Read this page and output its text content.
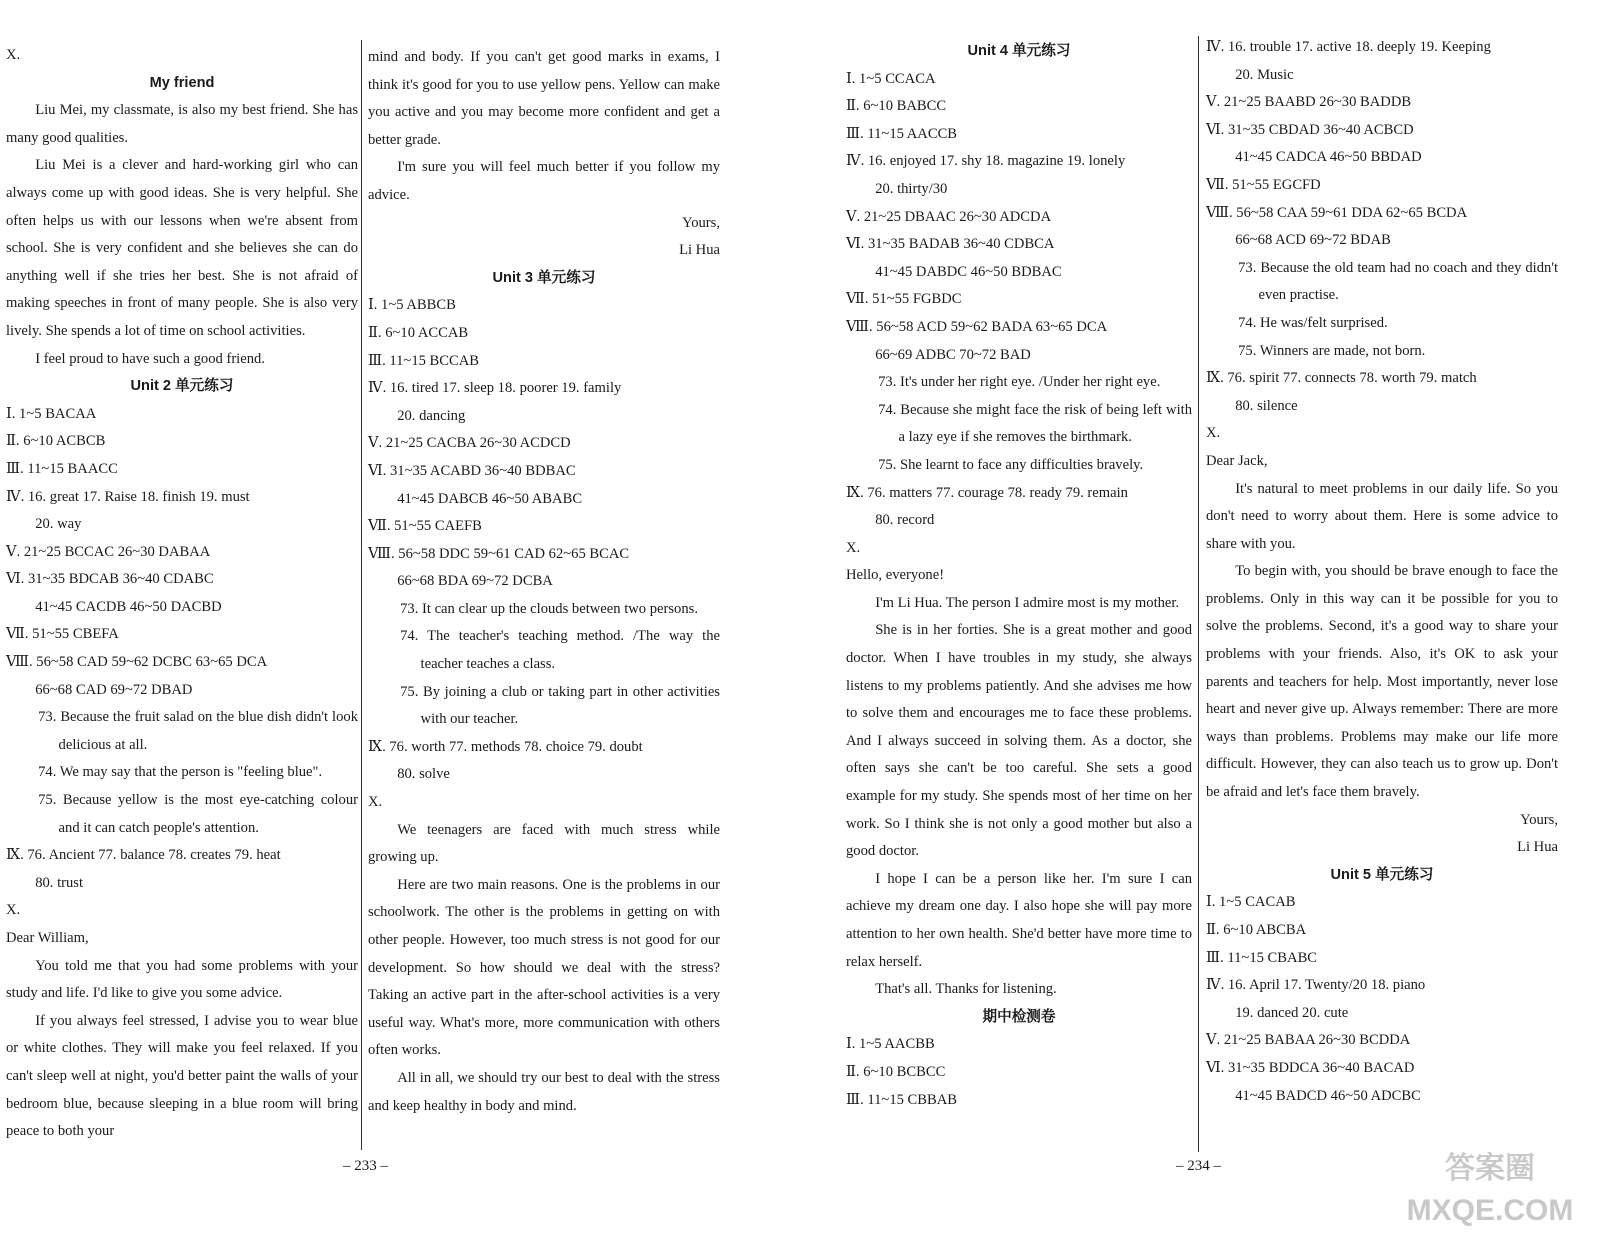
X.

My friend

Liu Mei, my classmate, is also my best friend. She has many good qualities.

Liu Mei is a clever and hard-working girl who can always come up with good ideas. She is very helpful. She often helps us with our lessons when we're absent from school. She is very confident and she believes she can do anything well if she tries her best. She is not afraid of making speeches in front of many people. She is also very lively. She spends a lot of time on school activities.

I feel proud to have such a good friend.

Unit 2 单元练习

Ⅰ. 1~5 BACAA

Ⅱ. 6~10 ACBCB

Ⅲ. 11~15 BAACC

Ⅳ. 16. great 17. Raise 18. finish 19. must

20. way

Ⅴ. 21~25 BCCAC 26~30 DABAA

Ⅵ. 31~35 BDCAB 36~40 CDABC

41~45 CACDB 46~50 DACBD

Ⅶ. 51~55 CBEFA

Ⅷ. 56~58 CAD 59~62 DCBC 63~65 DCA

66~68 CAD 69~72 DBAD

73. Because the fruit salad on the blue dish didn't look delicious at all.

74. We may say that the person is "feeling blue".

75. Because yellow is the most eye-catching colour and it can catch people's attention.

Ⅸ. 76. Ancient 77. balance 78. creates 79. heat

80. trust

X.

Dear William,

You told me that you had some problems with your study and life. I'd like to give you some advice.

If you always feel stressed, I advise you to wear blue or white clothes. They will make you feel relaxed. If you can't sleep well at night, you'd better paint the walls of your bedroom blue, because sleeping in a blue room will bring peace to both your

mind and body. If you can't get good marks in exams, I think it's good for you to use yellow pens. Yellow can make you active and you may become more confident and get a better grade.

I'm sure you will feel much better if you follow my advice.

Yours,

Li Hua

Unit 3 单元练习

Ⅰ. 1~5 ABBCB

Ⅱ. 6~10 ACCAB

Ⅲ. 11~15 BCCAB

Ⅳ. 16. tired 17. sleep 18. poorer 19. family

20. dancing

Ⅴ. 21~25 CACBA 26~30 ACDCD

Ⅵ. 31~35 ACABD 36~40 BDBAC

41~45 DABCB 46~50 ABABC

Ⅶ. 51~55 CAEFB

Ⅷ. 56~58 DDC 59~61 CAD 62~65 BCAC

66~68 BDA 69~72 DCBA

73. It can clear up the clouds between two persons.

74. The teacher's teaching method. /The way the teacher teaches a class.

75. By joining a club or taking part in other activities with our teacher.

Ⅸ. 76. worth 77. methods 78. choice 79. doubt

80. solve

X.

We teenagers are faced with much stress while growing up.

Here are two main reasons. One is the problems in our schoolwork. The other is the problems in getting on with other people. However, too much stress is not good for our development. So how should we deal with the stress? Taking an active part in the after-school activities is a very useful way. What's more, more communication with others often works.

All in all, we should try our best to deal with the stress and keep healthy in body and mind.

Unit 4 单元练习

Ⅰ. 1~5 CCACA

Ⅱ. 6~10 BABCC

Ⅲ. 11~15 AACCB

Ⅳ. 16. enjoyed 17. shy 18. magazine 19. lonely

20. thirty/30

Ⅴ. 21~25 DBAAC 26~30 ADCDA

Ⅵ. 31~35 BADAB 36~40 CDBCA

41~45 DABDC 46~50 BDBAC

Ⅶ. 51~55 FGBDC

Ⅷ. 56~58 ACD 59~62 BADA 63~65 DCA

66~69 ADBC 70~72 BAD

73. It's under her right eye. /Under her right eye.

74. Because she might face the risk of being left with a lazy eye if she removes the birthmark.

75. She learnt to face any difficulties bravely.

Ⅸ. 76. matters 77. courage 78. ready 79. remain

80. record

X.

Hello, everyone!

I'm Li Hua. The person I admire most is my mother.

She is in her forties. She is a great mother and good doctor. When I have troubles in my study, she always listens to my problems patiently. And she advises me how to solve them and encourages me to face these problems. And I always succeed in solving them. As a doctor, she often says she can't be too careful. She sets a good example for my study. She spends most of her time on her work. So I think she is not only a good mother but also a good doctor.

I hope I can be a person like her. I'm sure I can achieve my dream one day. I also hope she will pay more attention to her own health. She'd better have more time to relax herself.

That's all. Thanks for listening.

期中检测卷

Ⅰ. 1~5 AACBB

Ⅱ. 6~10 BCBCC

Ⅲ. 11~15 CBBAB

Ⅳ. 16. trouble 17. active 18. deeply 19. Keeping

20. Music

Ⅴ. 21~25 BAABD 26~30 BADDB

Ⅵ. 31~35 CBDAD 36~40 ACBCD

41~45 CADCA 46~50 BBDAD

Ⅶ. 51~55 EGCFD

Ⅷ. 56~58 CAA 59~61 DDA 62~65 BCDA

66~68 ACD 69~72 BDAB

73. Because the old team had no coach and they didn't even practise.

74. He was/felt surprised.

75. Winners are made, not born.

Ⅸ. 76. spirit 77. connects 78. worth 79. match

80. silence

X.

Dear Jack,

It's natural to meet problems in our daily life. So you don't need to worry about them. Here is some advice to share with you.

To begin with, you should be brave enough to face the problems. Only in this way can it be possible for you to solve the problems. Second, it's a good way to share your problems with your friends. Also, it's OK to ask your parents and teachers for help. Most importantly, never lose heart and never give up. Always remember: There are more ways than problems. Problems may make our life more difficult. However, they can also teach us to grow up. Don't be afraid and let's face them bravely.

Yours,

Li Hua

Unit 5 单元练习

Ⅰ. 1~5 CACAB

Ⅱ. 6~10 ABCBA

Ⅲ. 11~15 CBABC

Ⅳ. 16. April 17. Twenty/20 18. piano

19. danced 20. cute

Ⅴ. 21~25 BABAA 26~30 BCDDA

Ⅵ. 31~35 BDDCA 36~40 BACAD

41~45 BADCD 46~50 ADCBC

– 233 –	– 234 –	答案圈
MXQE.COM
